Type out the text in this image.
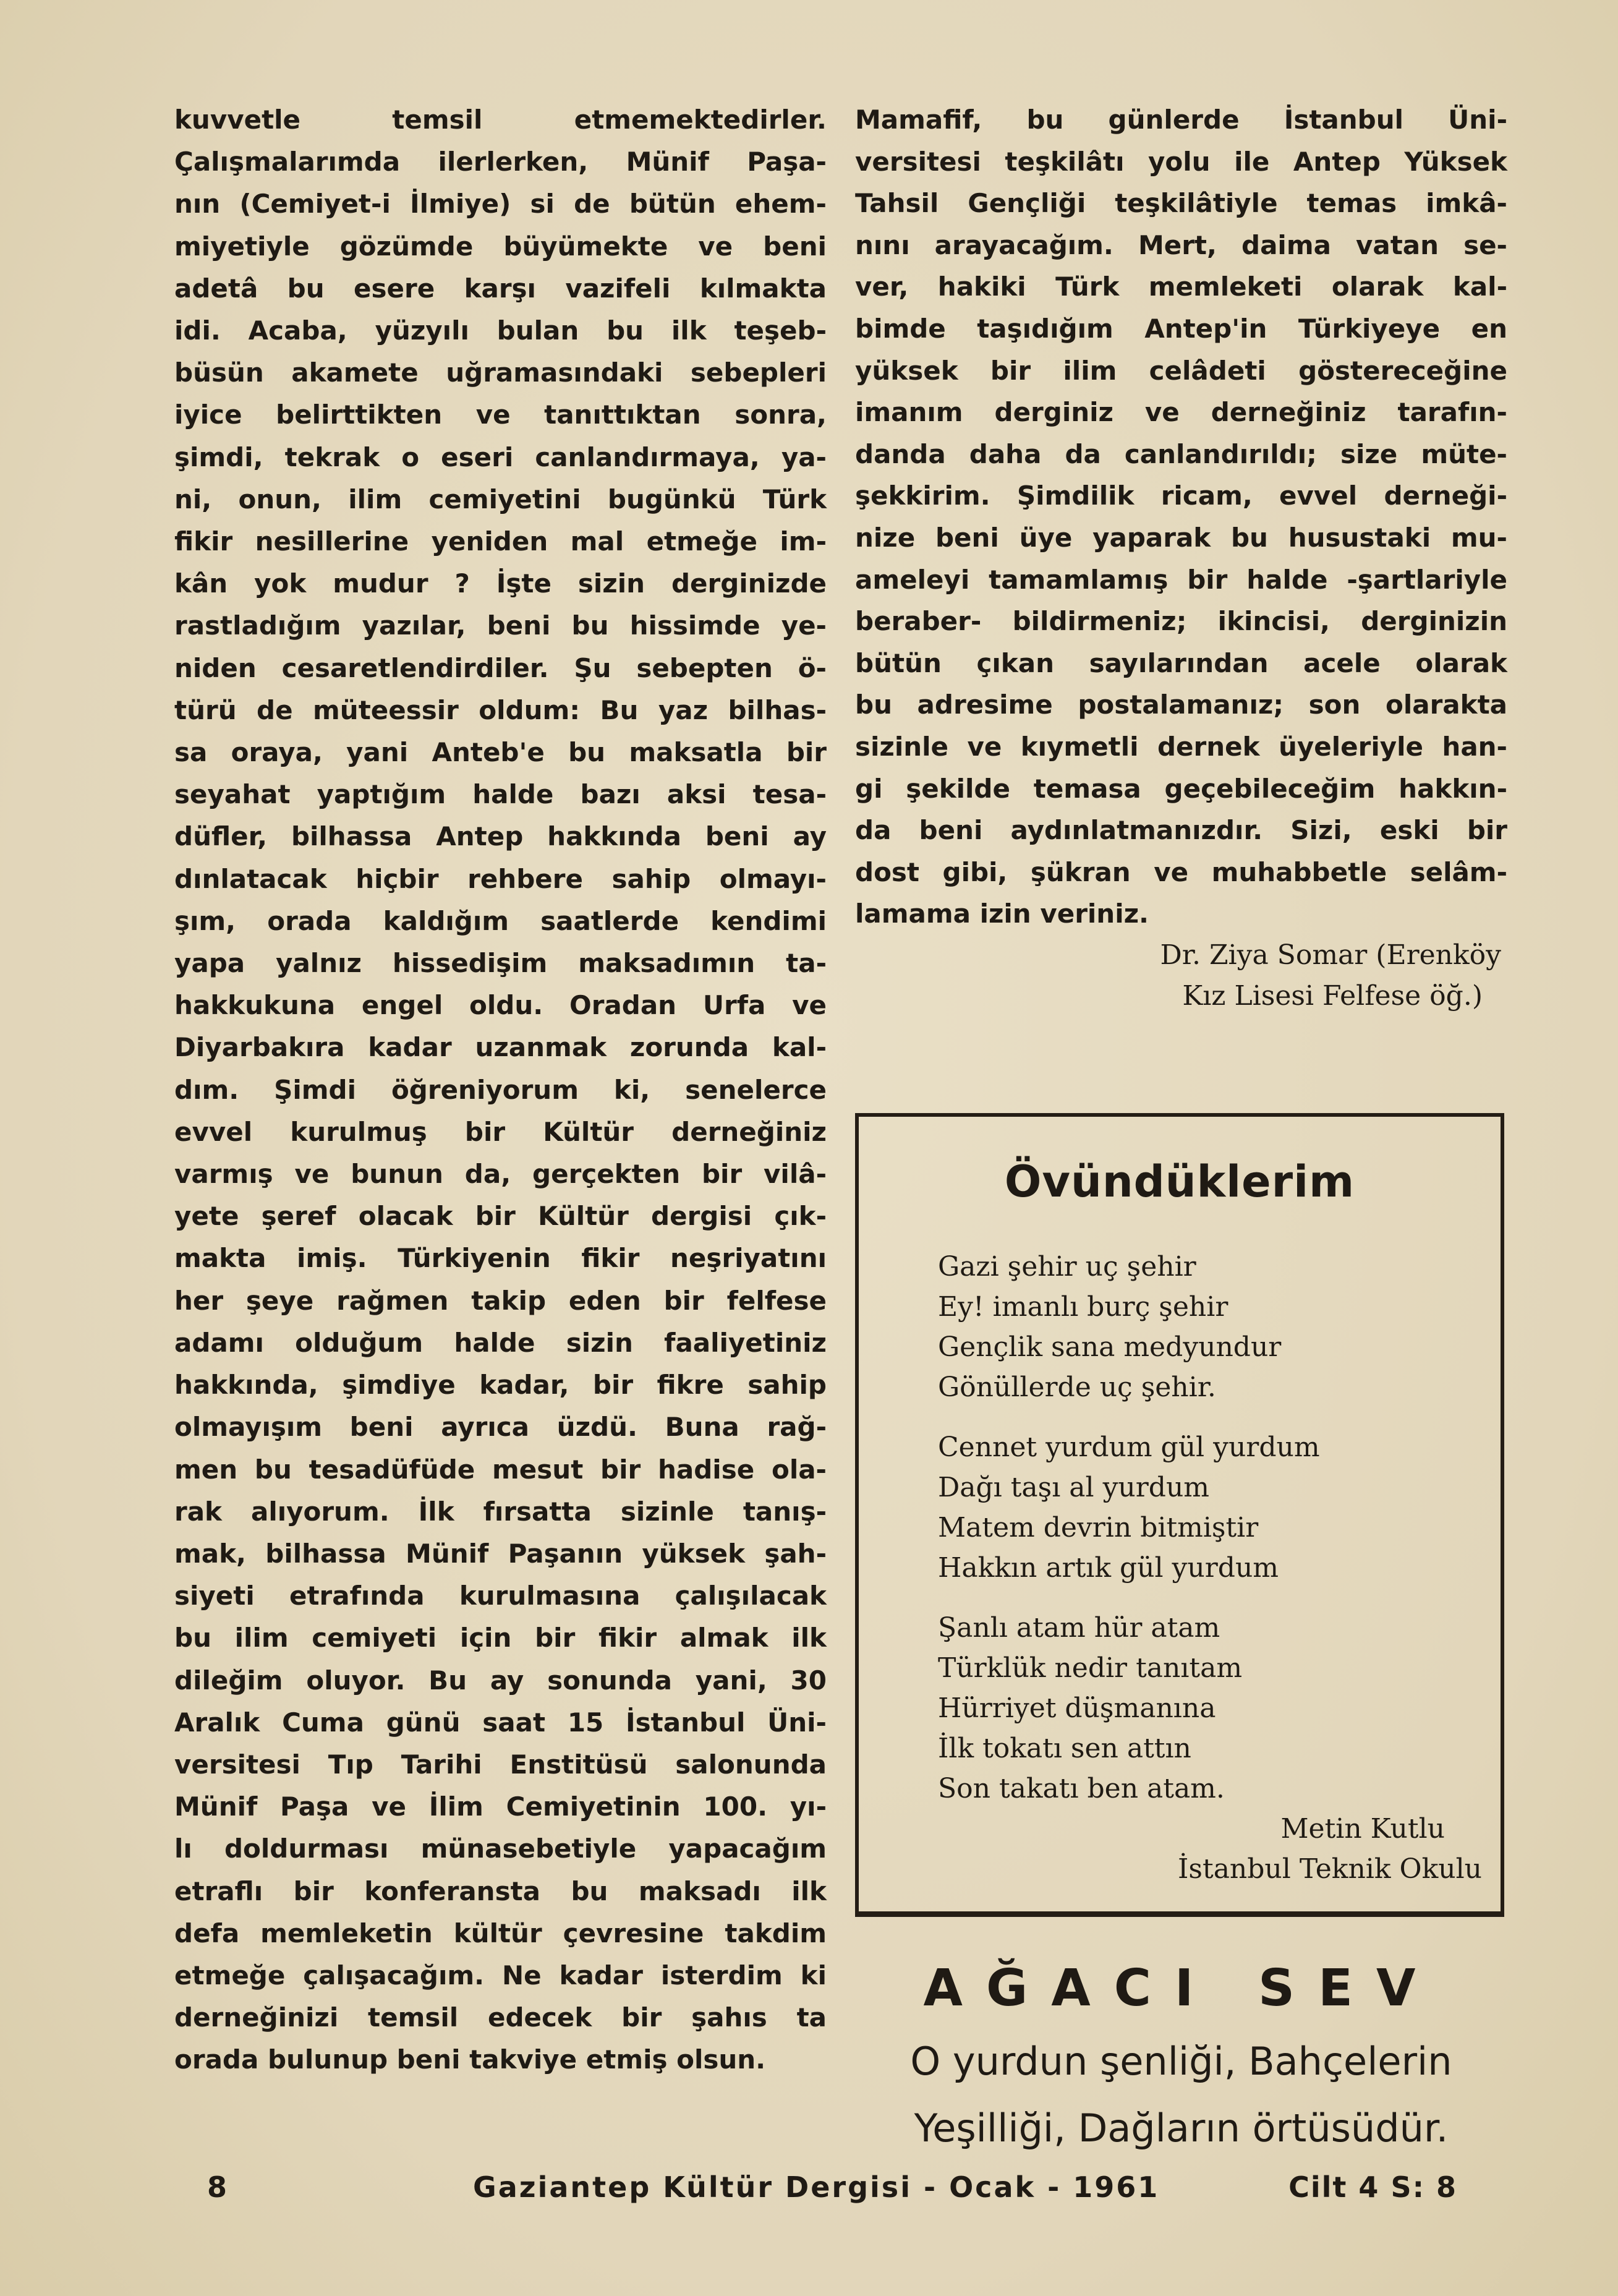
kuvvetle temsil etmemektedirler.
Çalışmalarımda ilerlerken, Münif Paşa-
nın (Cemiyet-i İlmiye) si de bütün ehem-
miyetiyle gözümde büyümekte ve beni
adetâ bu esere karşı vazifeli kılmakta
idi. Acaba, yüzyılı bulan bu ilk teşeb-
büsün akamete uğramasındaki sebepleri
iyice belirttikten ve tanıttıktan sonra,
şimdi, tekrak o eseri canlandırmaya, ya-
ni, onun, ilim cemiyetini bugünkü Türk
fikir nesillerine yeniden mal etmeğe im-
kân yok mudur ? İşte sizin derginizde
rastladığım yazılar, beni bu hissimde ye-
niden cesaretlendirdiler. Şu sebepten ö-
türü de müteessir oldum: Bu yaz bilhas-
sa oraya, yani Anteb'e bu maksatla bir
seyahat yaptığım halde bazı aksi tesa-
düfler, bilhassa Antep hakkında beni ay
dınlatacak hiçbir rehbere sahip olmayı-
şım, orada kaldığım saatlerde kendimi
yapa yalnız hissedişim maksadımın ta-
hakkukuna engel oldu. Oradan Urfa ve
Diyarbakıra kadar uzanmak zorunda kal-
dım. Şimdi öğreniyorum ki, senelerce
evvel kurulmuş bir Kültür derneğiniz
varmış ve bunun da, gerçekten bir vilâ-
yete şeref olacak bir Kültür dergisi çık-
makta imiş. Türkiyenin fikir neşriyatını
her şeye rağmen takip eden bir felfese
adamı olduğum halde sizin faaliyetiniz
hakkında, şimdiye kadar, bir fikre sahip
olmayışım beni ayrıca üzdü. Buna rağ-
men bu tesadüfüde mesut bir hadise ola-
rak alıyorum. İlk fırsatta sizinle tanış-
mak, bilhassa Münif Paşanın yüksek şah-
siyeti etrafında kurulmasına çalışılacak
bu ilim cemiyeti için bir fikir almak ilk
dileğim oluyor. Bu ay sonunda yani, 30
Aralık Cuma günü saat 15 İstanbul Üni-
versitesi Tıp Tarihi Enstitüsü salonunda
Münif Paşa ve İlim Cemiyetinin 100. yı-
lı doldurması münasebetiyle yapacağım
etraflı bir konferansta bu maksadı ilk
defa memleketin kültür çevresine takdim
etmeğe çalışacağım. Ne kadar isterdim ki
derneğinizi temsil edecek bir şahıs ta
orada bulunup beni takviye etmiş olsun.
Mamafif, bu günlerde İstanbul Üni-
versitesi teşkilâtı yolu ile Antep Yüksek
Tahsil Gençliği teşkilâtiyle temas imkâ-
nını arayacağım. Mert, daima vatan se-
ver, hakiki Türk memleketi olarak kal-
bimde taşıdığım Antep'in Türkiyeye en
yüksek bir ilim celâdeti göstereceğine
imanım derginiz ve derneğiniz tarafın-
danda daha da canlandırıldı; size müte-
şekkirim. Şimdilik ricam, evvel derneği-
nize beni üye yaparak bu husustaki mu-
ameleyi tamamlamış bir halde -şartlariyle
beraber- bildirmeniz; ikincisi, derginizin
bütün çıkan sayılarından acele olarak
bu adresime postalamanız; son olarakta
sizinle ve kıymetli dernek üyeleriyle han-
gi şekilde temasa geçebileceğim hakkın-
da beni aydınlatmanızdır. Sizi, eski bir
dost gibi, şükran ve muhabbetle selâm-
lamama izin veriniz.
Dr. Ziya Somar (Erenköy
Kız Lisesi Felfese öğ.)
Övündüklerim
Gazi şehir uç şehir
Ey! imanlı burç şehir
Gençlik sana medyundur
Gönüllerde uç şehir.
Cennet yurdum gül yurdum
Dağı taşı al yurdum
Matem devrin bitmiştir
Hakkın artık gül yurdum
Şanlı atam hür atam
Türklük nedir tanıtam
Hürriyet düşmanına
İlk tokatı sen attın
Son takatı ben atam.
Metin Kutlu
İstanbul Teknik Okulu
AĞACI SEV
O yurdun şenliği, Bahçelerin
Yeşilliği, Dağların örtüsüdür.
8	Gaziantep Kültür Dergisi - Ocak - 1961	Cilt 4 S: 8
